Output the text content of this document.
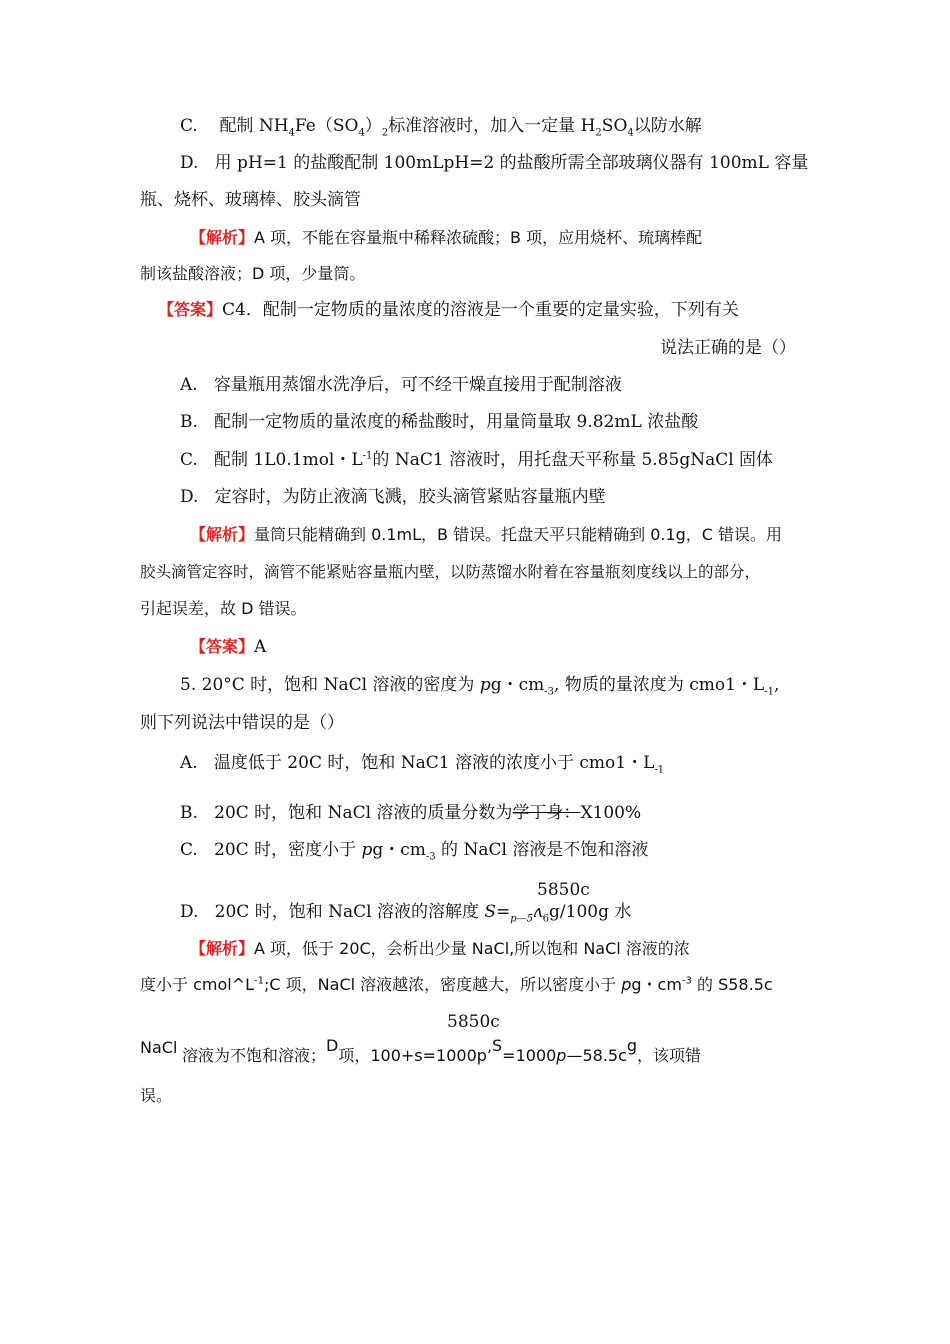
C. 配制 $NH_4Fe(SO_4)_2$标准溶液时，加入一定量 $H_2SO_4$以防水解
D. 用 pH=1 的盐酸配制 100mLpH=2 的盐酸所需全部玻璃仪器有 100mL 容量
瓶、烧杯、玻璃棒、胶头滴管
【解析】A 项，不能在容量瓶中稀释浓硫酸；B 项，应用烧杯、琉璃棒配
制该盐酸溶液；D 项，少量筒。
【答案】C4．配制一定物质的量浓度的溶液是一个重要的定量实验，下列有关
说法正确的是（）
A. 容量瓶用蒸馏水洗净后，可不经干燥直接用于配制溶液
B. 配制一定物质的量浓度的稀盐酸时，用量筒量取 9.82mL 浓盐酸
C. 配制 1L0.1mol・$L^{-1}$的 NaC1 溶液时，用托盘天平称量 5.85gNaCl 固体
D. 定容时，为防止液滴飞溅，胶头滴管紧贴容量瓶内壁
【解析】量筒只能精确到 0.1mL，B 错误。托盘天平只能精确到 0.1g，C 错误。用
胶头滴管定容时，滴管不能紧贴容量瓶内壁，以防蒸馏水附着在容量瓶刻度线以上的部分，
引起误差，故 D 错误。
【答案】A
5. 20°C 时，饱和 NaCl 溶液的密度为 pg・$cm_{-3}$, 物质的量浓度为 cmo1・$L_{-1}$,
则下列说法中错误的是（）
A. 温度低于 20C 时，饱和 NaC1 溶液的浓度小于 cmo1・$L_{-1}$
B. 20C 时，饱和 NaCl 溶液的质量分数为学丁身：X100%
C. 20C 时，密度小于 pg・$cm_{-3}$ 的 NaCl 溶液是不饱和溶液
5850c
D. 20C 时，饱和 NaCl 溶液的溶解度 $S=_{p—5}ʌ_6g/100g$ 水
【解析】A 项，低于 20C，会析出少量 NaCl,所以饱和 NaCl 溶液的浓
度小于 $cmol\^{}L^{-1};C$ 项，NaCl 溶液越浓，密度越大，所以密度小于 pg・$cm^{-3}$ 的 S58.5c
5850c
NaCl 溶液为不饱和溶液；D项，100+s=1000p’S=1000p—58.5cg，该项错
误。
